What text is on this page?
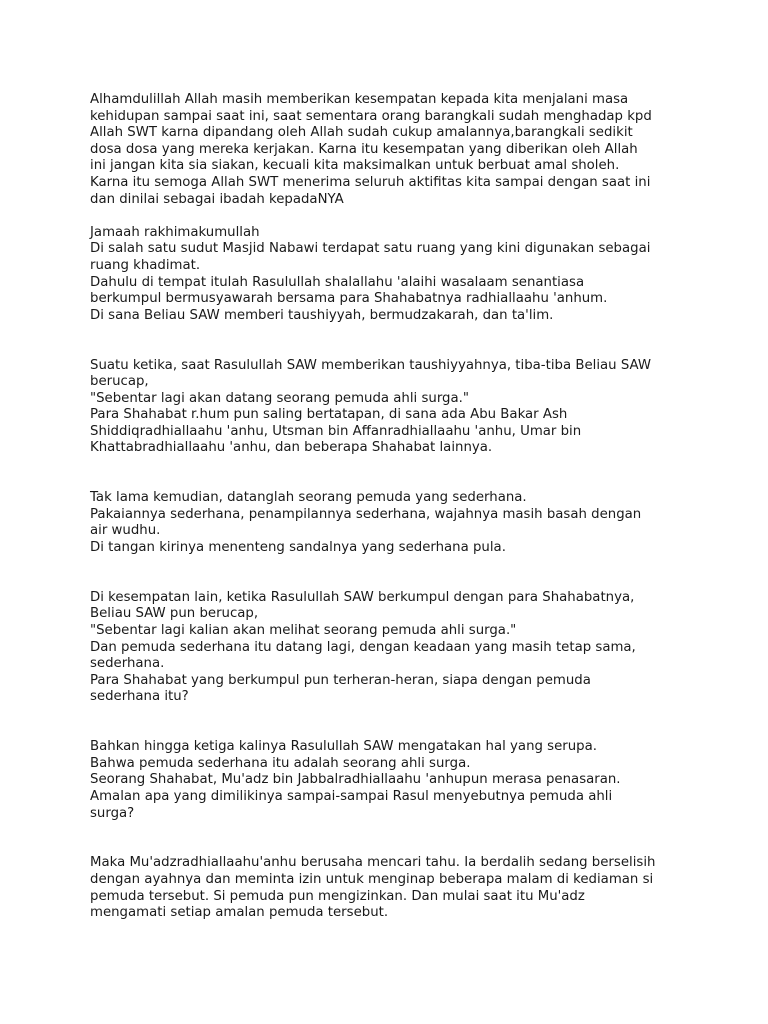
Alhamdulillah Allah masih memberikan kesempatan kepada kita menjalani masa
kehidupan sampai saat ini, saat sementara orang barangkali sudah menghadap kpd
Allah SWT karna dipandang oleh Allah sudah cukup amalannya,barangkali sedikit
dosa dosa yang mereka kerjakan. Karna itu kesempatan yang diberikan oleh Allah
ini jangan kita sia siakan, kecuali kita maksimalkan untuk berbuat amal sholeh.
Karna itu semoga Allah SWT menerima seluruh aktifitas kita sampai dengan saat ini
dan dinilai sebagai ibadah kepadaNYA
Jamaah rakhimakumullah
Di salah satu sudut Masjid Nabawi terdapat satu ruang yang kini digunakan sebagai
ruang khadimat.
Dahulu di tempat itulah Rasulullah shalallahu 'alaihi wasalaam senantiasa
berkumpul bermusyawarah bersama para Shahabatnya radhiallaahu 'anhum.
Di sana Beliau SAW memberi taushiyyah, bermudzakarah, dan ta'lim.
Suatu ketika, saat Rasulullah SAW memberikan taushiyyahnya, tiba-tiba Beliau SAW
berucap,
"Sebentar lagi akan datang seorang pemuda ahli surga."
Para Shahabat r.hum pun saling bertatapan, di sana ada Abu Bakar Ash
Shiddiqradhiallaahu 'anhu, Utsman bin Affanradhiallaahu 'anhu, Umar bin
Khattabradhiallaahu 'anhu, dan beberapa Shahabat lainnya.
Tak lama kemudian, datanglah seorang pemuda yang sederhana.
Pakaiannya sederhana, penampilannya sederhana, wajahnya masih basah dengan
air wudhu.
Di tangan kirinya menenteng sandalnya yang sederhana pula.
Di kesempatan lain, ketika Rasulullah SAW berkumpul dengan para Shahabatnya,
Beliau SAW pun berucap,
"Sebentar lagi kalian akan melihat seorang pemuda ahli surga."
Dan pemuda sederhana itu datang lagi, dengan keadaan yang masih tetap sama,
sederhana.
Para Shahabat yang berkumpul pun terheran-heran, siapa dengan pemuda
sederhana itu?
Bahkan hingga ketiga kalinya Rasulullah SAW mengatakan hal yang serupa.
Bahwa pemuda sederhana itu adalah seorang ahli surga.
Seorang Shahabat, Mu'adz bin Jabbalradhiallaahu 'anhupun merasa penasaran.
Amalan apa yang dimilikinya sampai-sampai Rasul menyebutnya pemuda ahli
surga?
Maka Mu'adzradhiallaahu'anhu berusaha mencari tahu. Ia berdalih sedang berselisih
dengan ayahnya dan meminta izin untuk menginap beberapa malam di kediaman si
pemuda tersebut. Si pemuda pun mengizinkan. Dan mulai saat itu Mu'adz
mengamati setiap amalan pemuda tersebut.
